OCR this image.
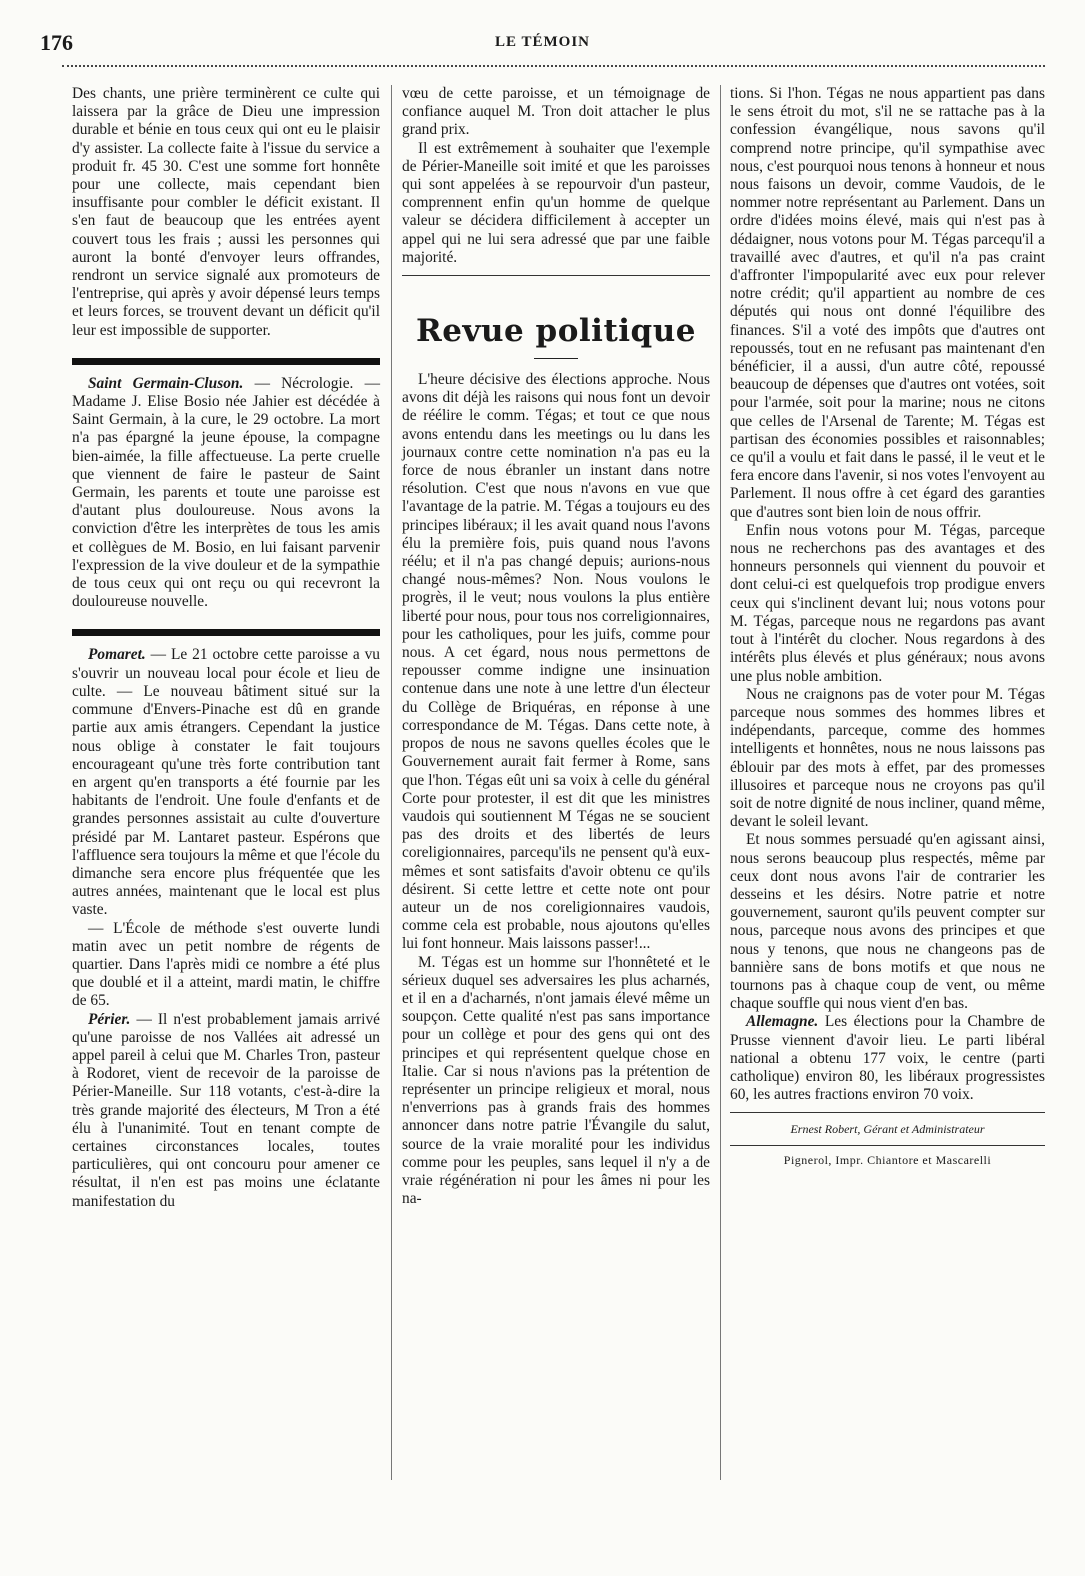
176	LE TÉMOIN

Des chants, une prière terminèrent ce culte qui laissera par la grâce de Dieu une impression durable et bénie en tous ceux qui ont eu le plaisir d'y assister. La collecte faite à l'issue du service a produit fr. 45 30. C'est une somme fort honnête pour une collecte, mais cependant bien insuffisante pour combler le déficit existant. Il s'en faut de beaucoup que les entrées ayent couvert tous les frais ; aussi les personnes qui auront la bonté d'envoyer leurs offrandes, rendront un service signalé aux promoteurs de l'entreprise, qui après y avoir dépensé leurs temps et leurs forces, se trouvent devant un déficit qu'il leur est impossible de supporter.

Saint Germain-Cluson. — Nécrologie. — Madame J. Elise Bosio née Jahier est décédée à Saint Germain, à la cure, le 29 octobre. La mort n'a pas épargné la jeune épouse, la compagne bien-aimée, la fille affectueuse. La perte cruelle que viennent de faire le pasteur de Saint Germain, les parents et toute une paroisse est d'autant plus douloureuse. Nous avons la conviction d'être les interprètes de tous les amis et collègues de M. Bosio, en lui faisant parvenir l'expression de la vive douleur et de la sympathie de tous ceux qui ont reçu ou qui recevront la douloureuse nouvelle.

Pomaret. — Le 21 octobre cette paroisse a vu s'ouvrir un nouveau local pour école et lieu de culte. — Le nouveau bâtiment situé sur la commune d'Envers-Pinache est dû en grande partie aux amis étrangers. Cependant la justice nous oblige à constater le fait toujours encourageant qu'une très forte contribution tant en argent qu'en transports a été fournie par les habitants de l'endroit. Une foule d'enfants et de grandes personnes assistait au culte d'ouverture présidé par M. Lantaret pasteur. Espérons que l'affluence sera toujours la même et que l'école du dimanche sera encore plus fréquentée que les autres années, maintenant que le local est plus vaste.

— L'École de méthode s'est ouverte lundi matin avec un petit nombre de régents de quartier. Dans l'après midi ce nombre a été plus que doublé et il a atteint, mardi matin, le chiffre de 65.

Périer. — Il n'est probablement jamais arrivé qu'une paroisse de nos Vallées ait adressé un appel pareil à celui que M. Charles Tron, pasteur à Rodoret, vient de recevoir de la paroisse de Périer-Maneille. Sur 118 votants, c'est-à-dire la très grande majorité des électeurs, M Tron a été élu à l'unanimité. Tout en tenant compte de certaines circonstances locales, toutes particulières, qui ont concouru pour amener ce résultat, il n'en est pas moins une éclatante manifestation du

vœu de cette paroisse, et un témoignage de confiance auquel M. Tron doit attacher le plus grand prix.

Il est extrêmement à souhaiter que l'exemple de Périer-Maneille soit imité et que les paroisses qui sont appelées à se repourvoir d'un pasteur, comprennent enfin qu'un homme de quelque valeur se décidera difficilement à accepter un appel qui ne lui sera adressé que par une faible majorité.

Revue politique

L'heure décisive des élections approche. Nous avons dit déjà les raisons qui nous font un devoir de réélire le comm. Tégas; et tout ce que nous avons entendu dans les meetings ou lu dans les journaux contre cette nomination n'a pas eu la force de nous ébranler un instant dans notre résolution. C'est que nous n'avons en vue que l'avantage de la patrie. M. Tégas a toujours eu des principes libéraux; il les avait quand nous l'avons élu la première fois, puis quand nous l'avons réélu; et il n'a pas changé depuis; aurions-nous changé nous-mêmes? Non. Nous voulons le progrès, il le veut; nous voulons la plus entière liberté pour nous, pour tous nos correligionnaires, pour les catholiques, pour les juifs, comme pour nous. A cet égard, nous nous permettons de repousser comme indigne une insinuation contenue dans une note à une lettre d'un électeur du Collège de Briquéras, en réponse à une correspondance de M. Tégas. Dans cette note, à propos de nous ne savons quelles écoles que le Gouvernement aurait fait fermer à Rome, sans que l'hon. Tégas eût uni sa voix à celle du général Corte pour protester, il est dit que les ministres vaudois qui soutiennent M Tégas ne se soucient pas des droits et des libertés de leurs coreligionnaires, parcequ'ils ne pensent qu'à eux-mêmes et sont satisfaits d'avoir obtenu ce qu'ils désirent. Si cette lettre et cette note ont pour auteur un de nos coreligionnaires vaudois, comme cela est probable, nous ajoutons qu'elles lui font honneur. Mais laissons passer!...

M. Tégas est un homme sur l'honnêteté et le sérieux duquel ses adversaires les plus acharnés, et il en a d'acharnés, n'ont jamais élevé même un soupçon. Cette qualité n'est pas sans importance pour un collège et pour des gens qui ont des principes et qui représentent quelque chose en Italie. Car si nous n'avions pas la prétention de représenter un principe religieux et moral, nous n'enverrions pas à grands frais des hommes annoncer dans notre patrie l'Évangile du salut, source de la vraie moralité pour les individus comme pour les peuples, sans lequel il n'y a de vraie régénération ni pour les âmes ni pour les na-

tions. Si l'hon. Tégas ne nous appartient pas dans le sens étroit du mot, s'il ne se rattache pas à la confession évangélique, nous savons qu'il comprend notre principe, qu'il sympathise avec nous, c'est pourquoi nous tenons à honneur et nous nous faisons un devoir, comme Vaudois, de le nommer notre représentant au Parlement. Dans un ordre d'idées moins élevé, mais qui n'est pas à dédaigner, nous votons pour M. Tégas parcequ'il a travaillé avec d'autres, et qu'il n'a pas craint d'affronter l'impopularité avec eux pour relever notre crédit; qu'il appartient au nombre de ces députés qui nous ont donné l'équilibre des finances. S'il a voté des impôts que d'autres ont repoussés, tout en ne refusant pas maintenant d'en bénéficier, il a aussi, d'un autre côté, repoussé beaucoup de dépenses que d'autres ont votées, soit pour l'armée, soit pour la marine; nous ne citons que celles de l'Arsenal de Tarente; M. Tégas est partisan des économies possibles et raisonnables; ce qu'il a voulu et fait dans le passé, il le veut et le fera encore dans l'avenir, si nos votes l'envoyent au Parlement. Il nous offre à cet égard des garanties que d'autres sont bien loin de nous offrir.

Enfin nous votons pour M. Tégas, parceque nous ne recherchons pas des avantages et des honneurs personnels qui viennent du pouvoir et dont celui-ci est quelquefois trop prodigue envers ceux qui s'inclinent devant lui; nous votons pour M. Tégas, parceque nous ne regardons pas avant tout à l'intérêt du clocher. Nous regardons à des intérêts plus élevés et plus généraux; nous avons une plus noble ambition.

Nous ne craignons pas de voter pour M. Tégas parceque nous sommes des hommes libres et indépendants, parceque, comme des hommes intelligents et honnêtes, nous ne nous laissons pas éblouir par des mots à effet, par des promesses illusoires et parceque nous ne croyons pas qu'il soit de notre dignité de nous incliner, quand même, devant le soleil levant.

Et nous sommes persuadé qu'en agissant ainsi, nous serons beaucoup plus respectés, même par ceux dont nous avons l'air de contrarier les desseins et les désirs. Notre patrie et notre gouvernement, sauront qu'ils peuvent compter sur nous, parceque nous avons des principes et que nous y tenons, que nous ne changeons pas de bannière sans de bons motifs et que nous ne tournons pas à chaque coup de vent, ou même chaque souffle qui nous vient d'en bas.

Allemagne. Les élections pour la Chambre de Prusse viennent d'avoir lieu. Le parti libéral national a obtenu 177 voix, le centre (parti catholique) environ 80, les libéraux progressistes 60, les autres fractions environ 70 voix.

Ernest Robert, Gérant et Administrateur
Pignerol, Impr. Chiantore et Mascarelli
